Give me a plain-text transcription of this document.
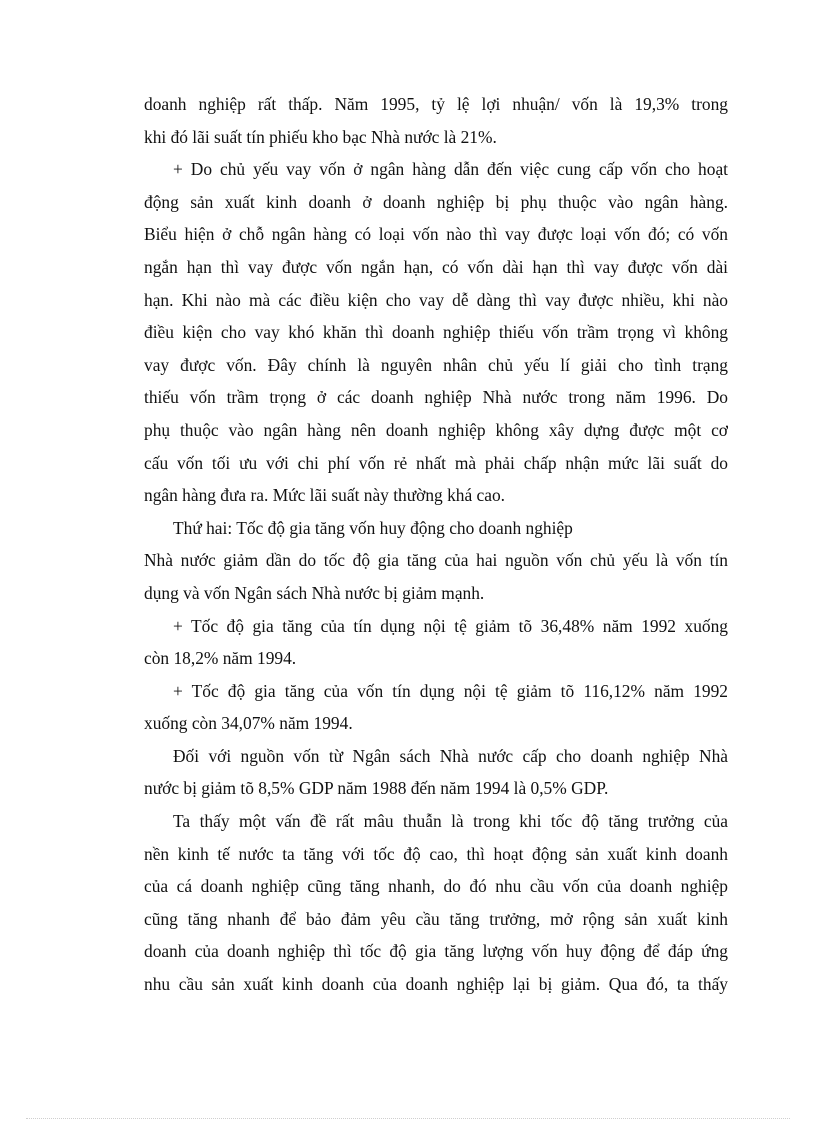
doanh nghiệp rất thấp. Năm 1995, tỷ lệ lợi nhuận/ vốn là 19,3% trong
khi đó lãi suất tín phiếu kho bạc Nhà nước là 21%.
+ Do chủ yếu vay vốn ở ngân hàng dẫn đến việc cung cấp vốn cho hoạt
động sản xuất kinh doanh ở doanh nghiệp bị phụ thuộc vào ngân hàng.
Biểu hiện ở chỗ ngân hàng có loại vốn nào thì vay được loại vốn đó; có vốn
ngắn hạn thì vay được vốn ngắn hạn, có vốn dài hạn thì vay được vốn dài
hạn. Khi nào mà các điều kiện cho vay dễ dàng thì vay được nhiều, khi nào
điều kiện cho vay khó khăn thì doanh nghiệp thiếu vốn trầm trọng vì không
vay được vốn. Đây chính là nguyên nhân chủ yếu lí giải cho tình trạng
thiếu vốn trầm trọng ở các doanh nghiệp Nhà nước trong năm 1996. Do
phụ thuộc vào ngân hàng nên doanh nghiệp không xây dựng được một cơ
cấu vốn tối ưu với chi phí vốn rẻ nhất mà phải chấp nhận mức lãi suất do
ngân hàng đưa ra. Mức lãi suất này thường khá cao.
Thứ hai: Tốc độ gia tăng vốn huy động cho doanh nghiệp
Nhà nước giảm dần do tốc độ gia tăng của hai nguồn vốn chủ yếu là vốn tín
dụng và vốn Ngân sách Nhà nước bị giảm mạnh.
+ Tốc độ gia tăng của tín dụng nội tệ giảm tõ 36,48% năm 1992 xuống
còn 18,2% năm 1994.
+ Tốc độ gia tăng của vốn tín dụng nội tệ giảm tõ 116,12% năm 1992
xuống còn 34,07% năm 1994.
Đối với nguồn vốn từ Ngân sách Nhà nước cấp cho doanh nghiệp Nhà
nước bị giảm tõ 8,5% GDP năm 1988 đến năm 1994 là 0,5% GDP.
Ta thấy một vấn đề rất mâu thuẫn là trong khi tốc độ tăng trưởng của
nền kinh tế nước ta tăng với tốc độ cao, thì hoạt động sản xuất kinh doanh
của cá doanh nghiệp cũng tăng nhanh, do đó nhu cầu vốn của doanh nghiệp
cũng tăng nhanh để bảo đảm yêu cầu tăng trưởng, mở rộng sản xuất kinh
doanh của doanh nghiệp thì tốc độ gia tăng lượng vốn huy động để đáp ứng
nhu cầu sản xuất kinh doanh của doanh nghiệp lại bị giảm. Qua đó, ta thấy
